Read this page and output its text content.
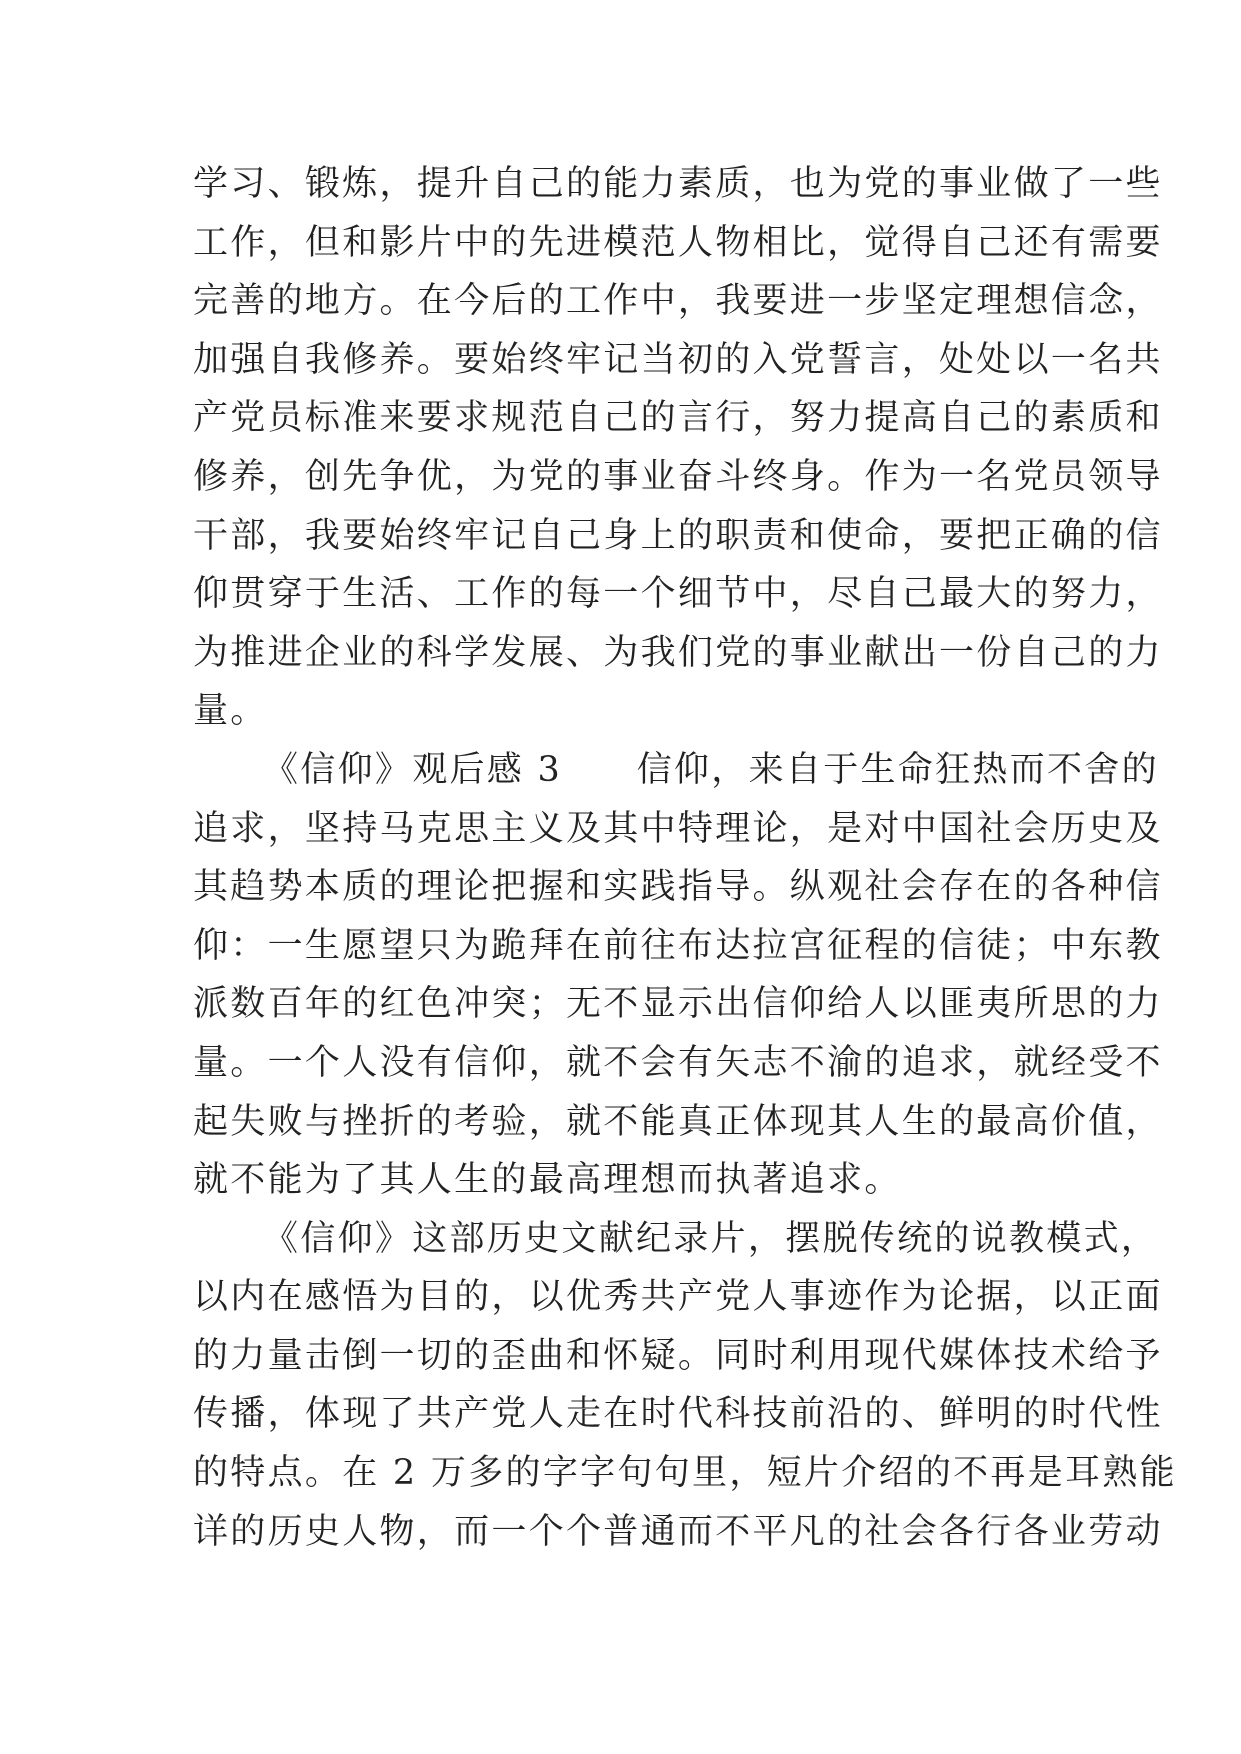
学习、锻炼，提升自己的能力素质，也为党的事业做了一些
工作，但和影片中的先进模范人物相比，觉得自己还有需要
完善的地方。在今后的工作中，我要进一步坚定理想信念，
加强自我修养。要始终牢记当初的入党誓言，处处以一名共
产党员标准来要求规范自己的言行，努力提高自己的素质和
修养，创先争优，为党的事业奋斗终身。作为一名党员领导
干部，我要始终牢记自己身上的职责和使命，要把正确的信
仰贯穿于生活、工作的每一个细节中，尽自己最大的努力，
为推进企业的科学发展、为我们党的事业献出一份自己的力
量。
《信仰》观后感 3　　信仰，来自于生命狂热而不舍的
追求，坚持马克思主义及其中特理论，是对中国社会历史及
其趋势本质的理论把握和实践指导。纵观社会存在的各种信
仰：一生愿望只为跪拜在前往布达拉宫征程的信徒；中东教
派数百年的红色冲突；无不显示出信仰给人以匪夷所思的力
量。一个人没有信仰，就不会有矢志不渝的追求，就经受不
起失败与挫折的考验，就不能真正体现其人生的最高价值，
就不能为了其人生的最高理想而执著追求。
《信仰》这部历史文献纪录片，摆脱传统的说教模式，
以内在感悟为目的，以优秀共产党人事迹作为论据，以正面
的力量击倒一切的歪曲和怀疑。同时利用现代媒体技术给予
传播，体现了共产党人走在时代科技前沿的、鲜明的时代性
的特点。在 2 万多的字字句句里，短片介绍的不再是耳熟能
详的历史人物，而一个个普通而不平凡的社会各行各业劳动
